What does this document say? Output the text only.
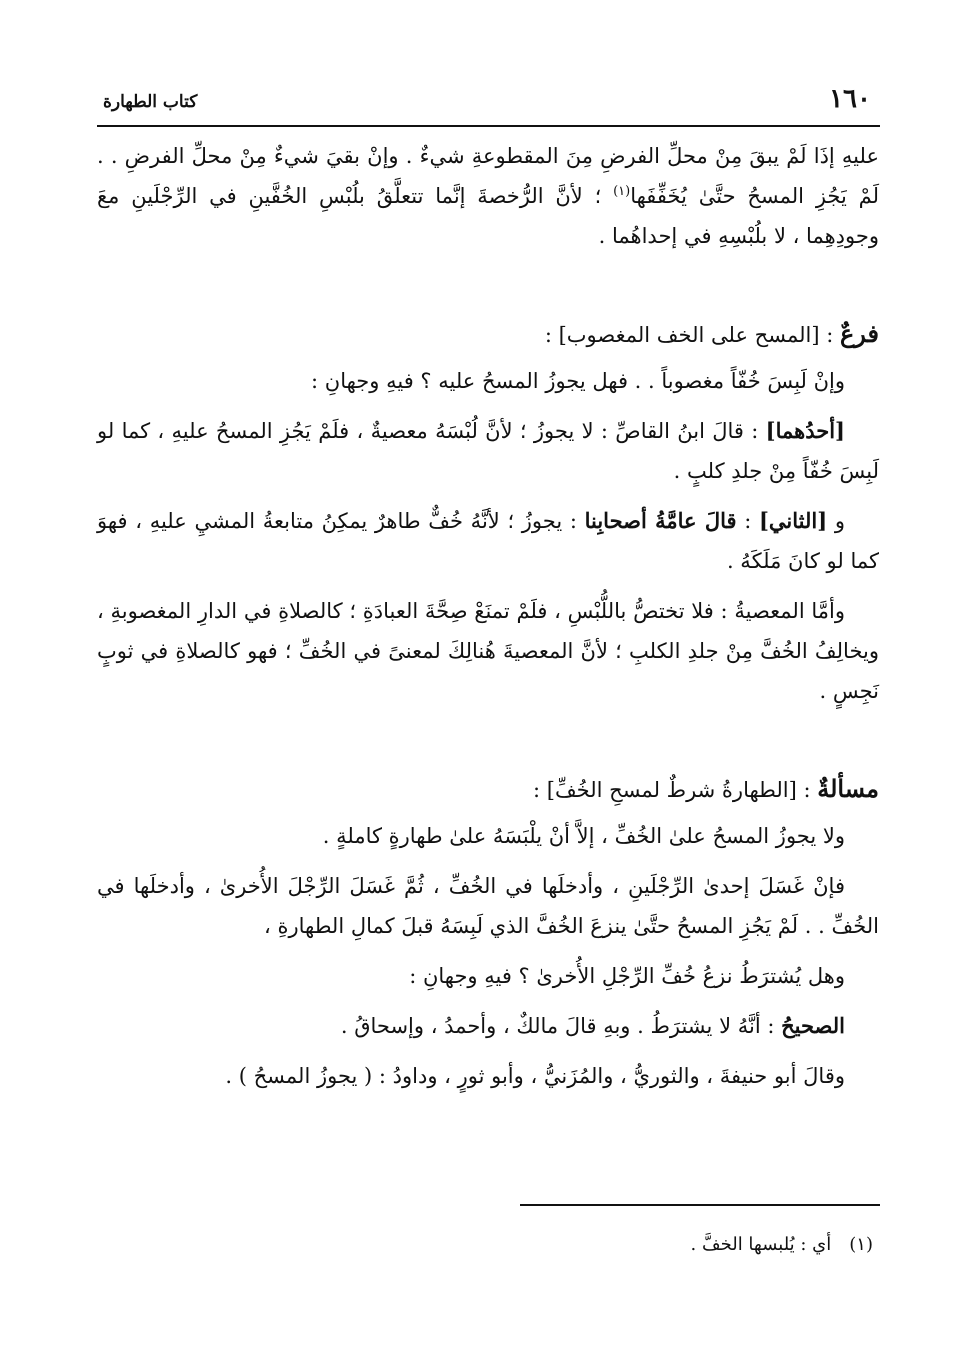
١٦٠
كتاب الطهارة

عليهِ إذَا لَمْ يبقَ مِنْ محلِّ الفرضِ مِنَ المقطوعةِ شيءٌ . وإنْ بقيَ شيءٌ مِنْ محلِّ الفرضِ . . لَمْ يَجُزِ المسحُ حتَّىٰ يُخَفِّفَها$^{(١)}$ ؛ لأنَّ الرُّخصةَ إنَّما تتعلَّقُ بلُبْسِ الخُفَّينِ في الرِّجْلَينِ معَ وجودِهِما ، لا بلُبْسِهِ في إحداهُما .

فرعٌ : [المسح على الخف المغصوب] :

وإنْ لَبِسَ خُفّاً مغصوباً . . فهل يجوزُ المسحُ عليه ؟ فيهِ وجهانِ :

[أحدُهما] : قالَ ابنُ القاصِّ : لا يجوزُ ؛ لأنَّ لُبْسَهُ معصيةٌ ، فلَمْ يَجُزِ المسحُ عليهِ ، كما لو لَبِسَ خُفّاً مِنْ جلدِ كلبٍ .

و [الثاني] : قالَ عامَّةُ أصحابِنا : يجوزُ ؛ لأنَّهُ خُفٌّ طاهرٌ يمكِنُ متابعةُ المشيِ عليهِ ، فهوَ كما لو كانَ مَلَكَهُ .

وأمَّا المعصيةُ : فلا تختصُّ باللُّبْسِ ، فلَمْ تمنَعْ صِحَّةَ العبادَةِ ؛ كالصلاةِ في الدارِ المغصوبةِ ، ويخالِفُ الخُفَّ مِنْ جلدِ الكلبِ ؛ لأنَّ المعصيةَ هُنالِكَ لمعنىً في الخُفِّ ؛ فهو كالصلاةِ في ثوبٍ نَجِسٍ .

مسألةٌ : [الطهارةُ شرطٌ لمسحِ الخُفِّ] :

ولا يجوزُ المسحُ علىٰ الخُفِّ ، إلاَّ أنْ يلْبَسَهُ علىٰ طهارةٍ كاملةٍ .

فإنْ غَسَلَ إحدىٰ الرِّجْلَينِ ، وأدخلَها في الخُفِّ ، ثُمَّ غَسَلَ الرِّجْلَ الأُخرىٰ ، وأدخلَها في الخُفِّ . . لَمْ يَجُزِ المسحُ حتَّىٰ ينزعَ الخُفَّ الذي لَبِسَهُ قبلَ كمالِ الطهارةِ ،

وهل يُشترَطُ نزعُ خُفِّ الرِّجْلِ الأُخرىٰ ؟ فيهِ وجهانِ :

الصحيحُ : أنَّهُ لا يشترَطُ . وبهِ قالَ مالكٌ ، وأحمدُ ، وإسحاقُ .

وقالَ أبو حنيفةَ ، والثوريُّ ، والمُزَنيُّ ، وأبو ثورٍ ، وداودُ : ( يجوزُ المسحُ ) .

(١)أي : يُلبسها الخفَّ .
